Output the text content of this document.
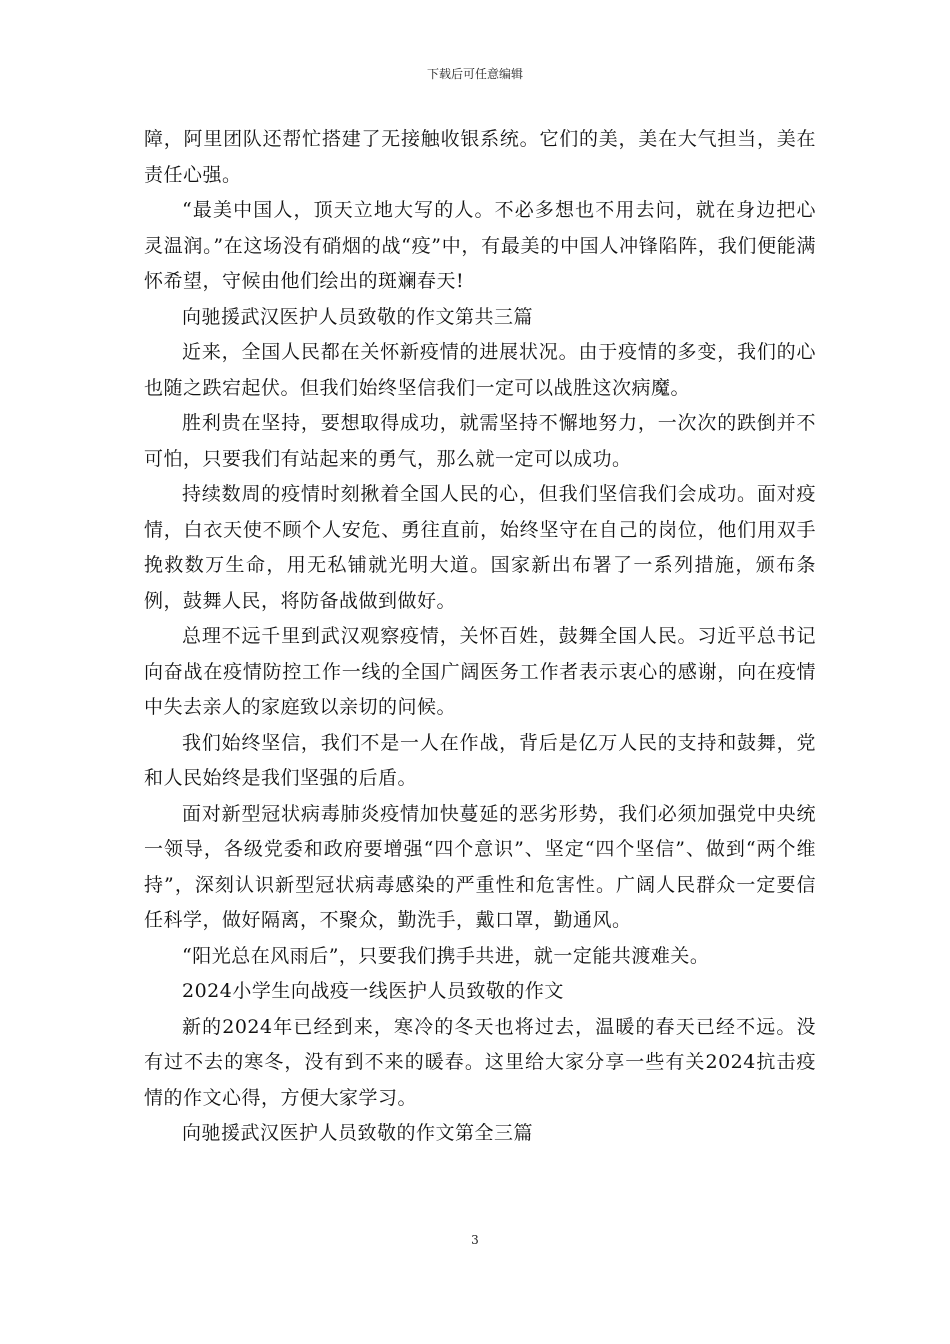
下载后可任意编辑

障，阿里团队还帮忙搭建了无接触收银系统。它们的美，美在大气担当，美在责任心强。

“最美中国人，顶天立地大写的人。不必多想也不用去问，就在身边把心灵温润。”在这场没有硝烟的战“疫”中，有最美的中国人冲锋陷阵，我们便能满怀希望，守候由他们绘出的斑斓春天!

向驰援武汉医护人员致敬的作文第共三篇

近来，全国人民都在关怀新疫情的进展状况。由于疫情的多变，我们的心也随之跌宕起伏。但我们始终坚信我们一定可以战胜这次病魔。

胜利贵在坚持，要想取得成功，就需坚持不懈地努力，一次次的跌倒并不可怕，只要我们有站起来的勇气，那么就一定可以成功。

持续数周的疫情时刻揪着全国人民的心，但我们坚信我们会成功。面对疫情，白衣天使不顾个人安危、勇往直前，始终坚守在自己的岗位，他们用双手挽救数万生命，用无私铺就光明大道。国家新出布署了一系列措施，颁布条例，鼓舞人民，将防备战做到做好。

总理不远千里到武汉观察疫情，关怀百姓，鼓舞全国人民。习近平总书记向奋战在疫情防控工作一线的全国广阔医务工作者表示衷心的感谢，向在疫情中失去亲人的家庭致以亲切的问候。

我们始终坚信，我们不是一人在作战，背后是亿万人民的支持和鼓舞，党和人民始终是我们坚强的后盾。

面对新型冠状病毒肺炎疫情加快蔓延的恶劣形势，我们必须加强党中央统一领导，各级党委和政府要增强“四个意识”、坚定“四个坚信”、做到“两个维持”，深刻认识新型冠状病毒感染的严重性和危害性。广阔人民群众一定要信任科学，做好隔离，不聚众，勤洗手，戴口罩，勤通风。

“阳光总在风雨后”，只要我们携手共进，就一定能共渡难关。

2024小学生向战疫一线医护人员致敬的作文

新的2024年已经到来，寒冷的冬天也将过去，温暖的春天已经不远。没有过不去的寒冬，没有到不来的暖春。这里给大家分享一些有关2024抗击疫情的作文心得，方便大家学习。

向驰援武汉医护人员致敬的作文第全三篇

3
